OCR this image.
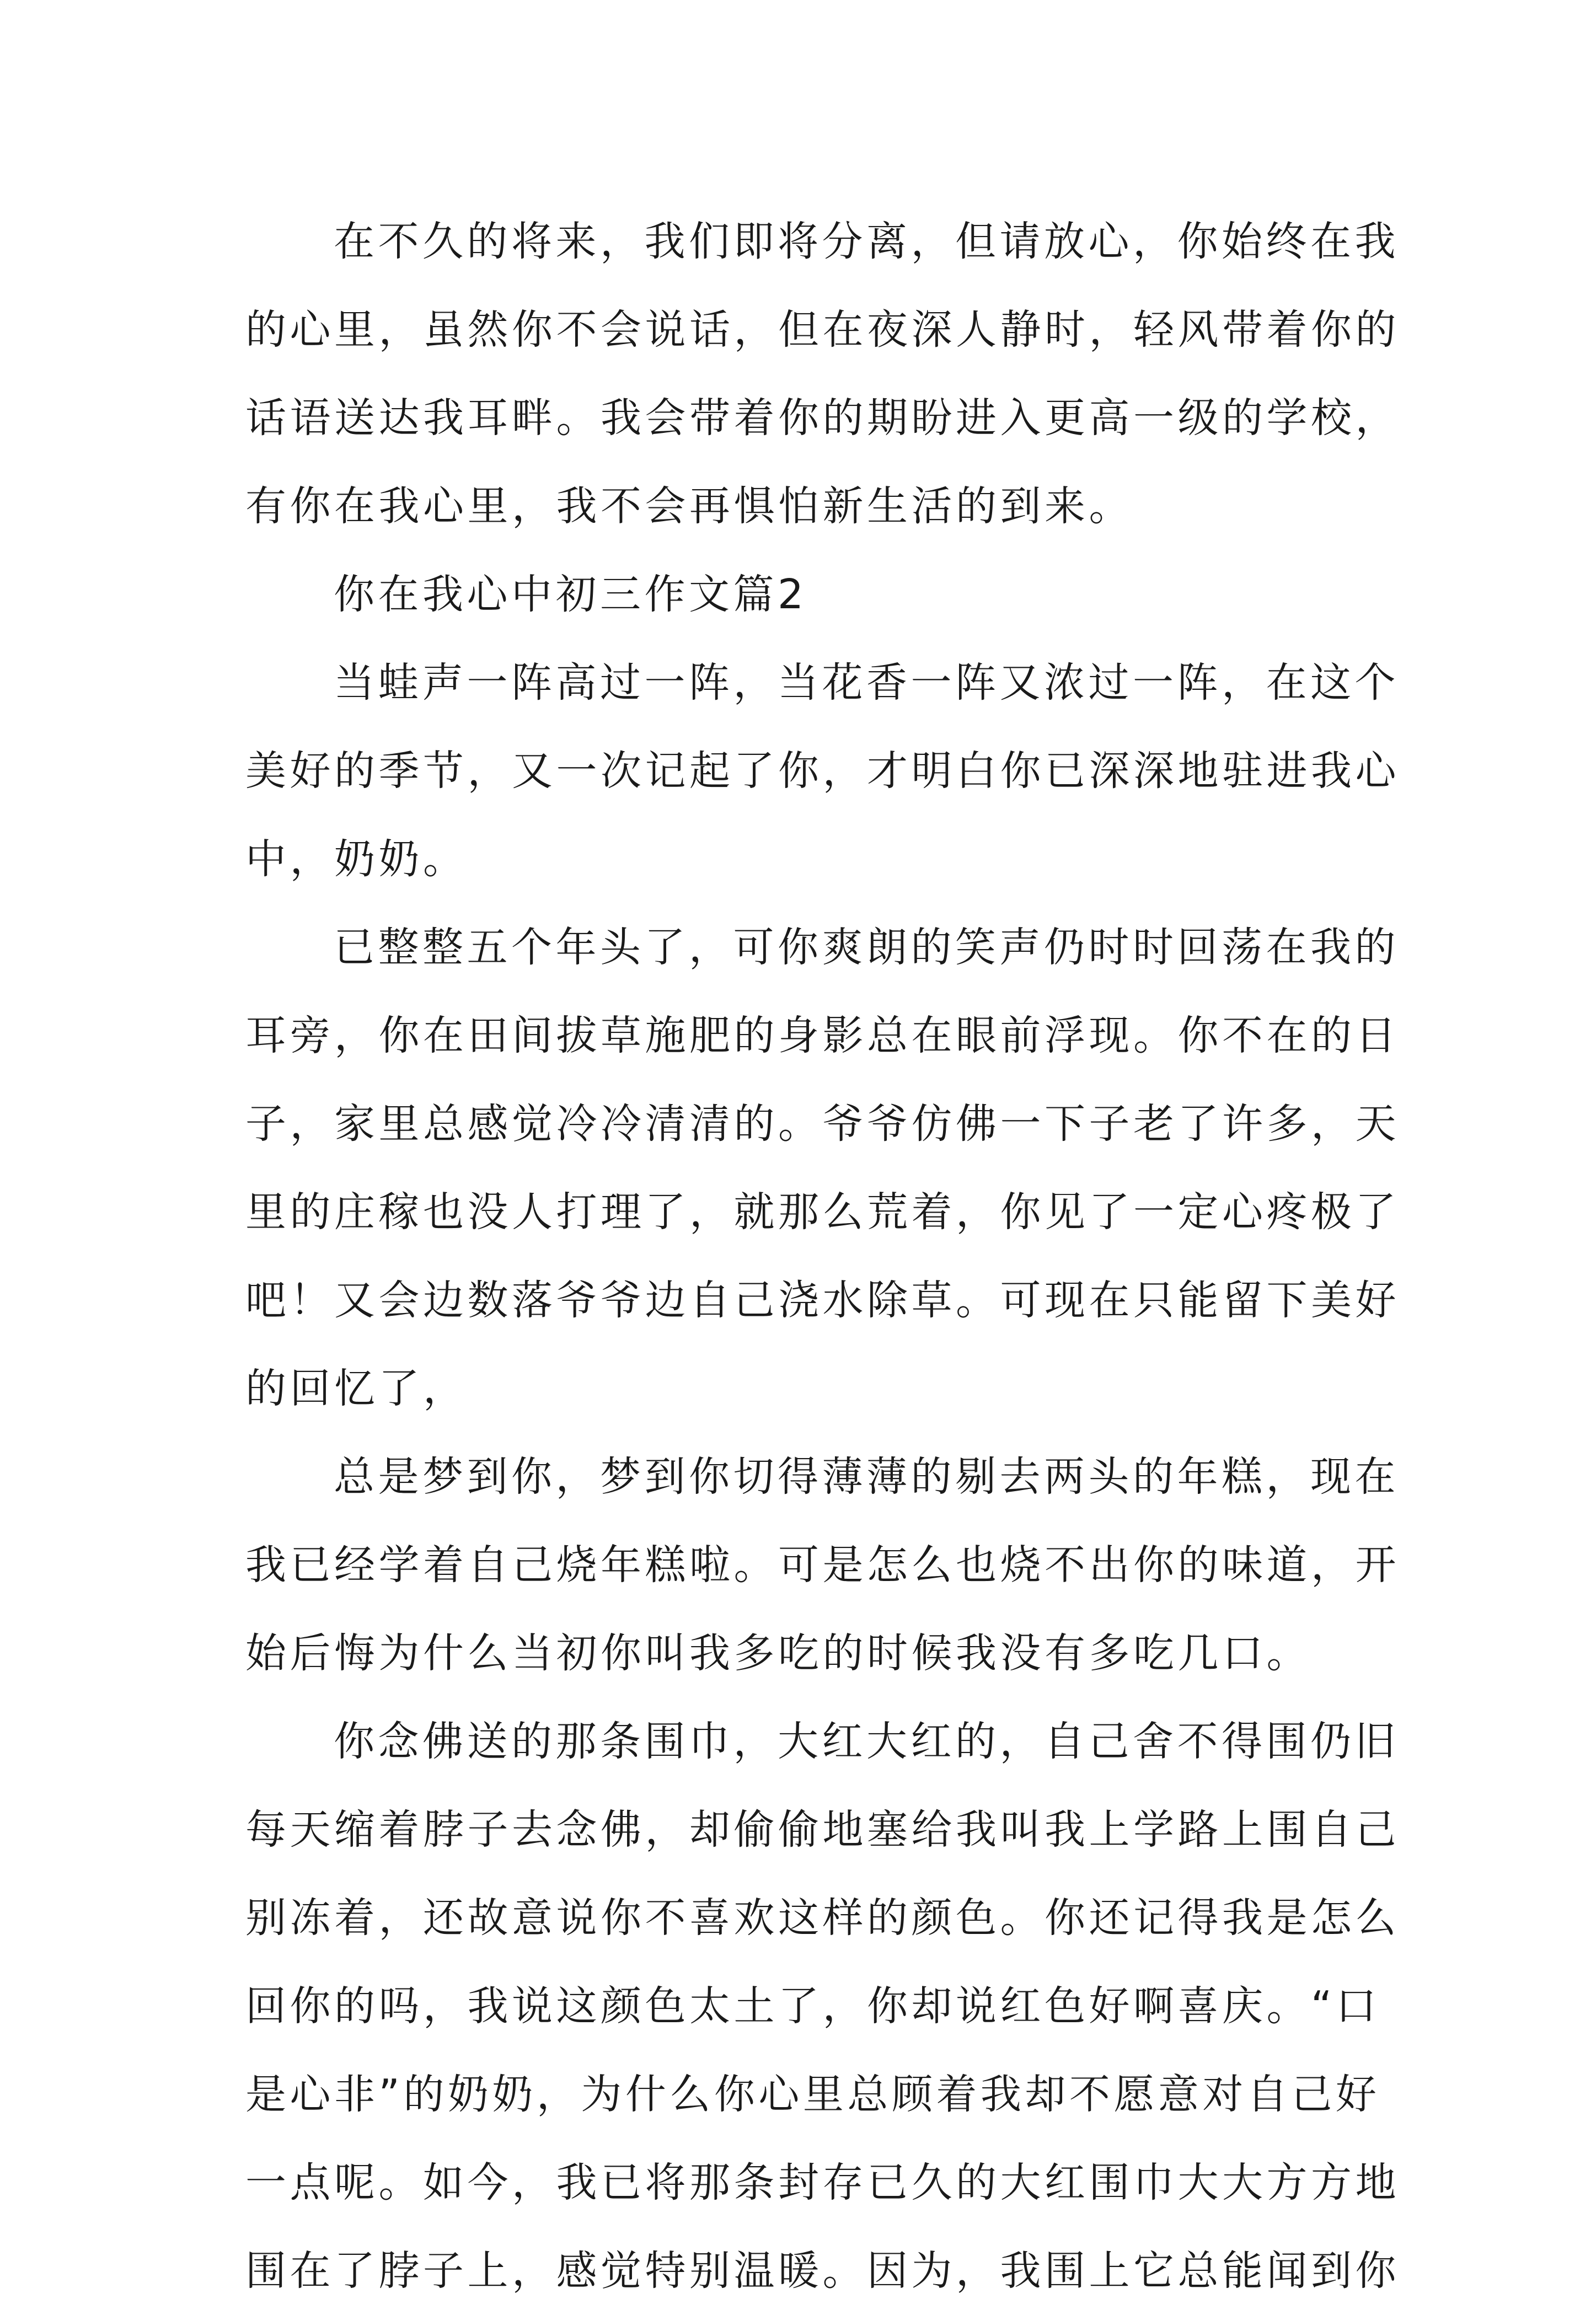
在不久的将来，我们即将分离，但请放心，你始终在我
的心里，虽然你不会说话，但在夜深人静时，轻风带着你的
话语送达我耳畔。我会带着你的期盼进入更高一级的学校，
有你在我心里，我不会再惧怕新生活的到来。
你在我心中初三作文篇2
当蛙声一阵高过一阵，当花香一阵又浓过一阵，在这个
美好的季节，又一次记起了你，才明白你已深深地驻进我心
中，奶奶。
已整整五个年头了，可你爽朗的笑声仍时时回荡在我的
耳旁，你在田间拔草施肥的身影总在眼前浮现。你不在的日
子，家里总感觉冷冷清清的。爷爷仿佛一下子老了许多，天
里的庄稼也没人打理了，就那么荒着，你见了一定心疼极了
吧！又会边数落爷爷边自己浇水除草。可现在只能留下美好
的回忆了，
总是梦到你，梦到你切得薄薄的剔去两头的年糕，现在
我已经学着自己烧年糕啦。可是怎么也烧不出你的味道，开
始后悔为什么当初你叫我多吃的时候我没有多吃几口。
你念佛送的那条围巾，大红大红的，自己舍不得围仍旧
每天缩着脖子去念佛，却偷偷地塞给我叫我上学路上围自己
别冻着，还故意说你不喜欢这样的颜色。你还记得我是怎么
回你的吗，我说这颜色太土了，你却说红色好啊喜庆。“口
是心非”的奶奶，为什么你心里总顾着我却不愿意对自己好
一点呢。如今，我已将那条封存已久的大红围巾大大方方地
围在了脖子上，感觉特别温暖。因为，我围上它总能闻到你
